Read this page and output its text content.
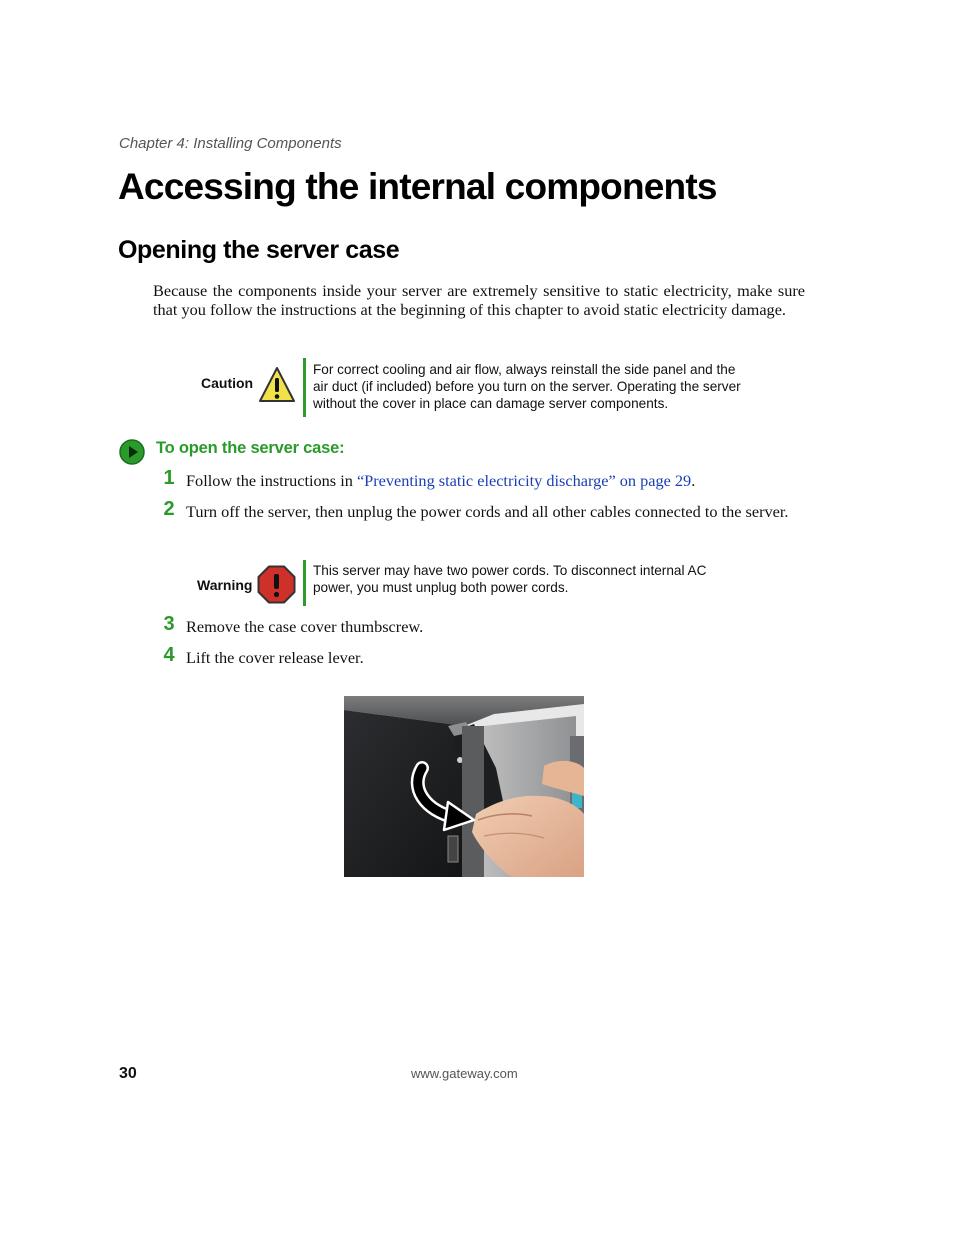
Chapter 4: Installing Components
Accessing the internal components
Opening the server case

Because the components inside your server are extremely sensitive to static electricity, make sure that you follow the instructions at the beginning of this chapter to avoid static electricity damage.

Caution
For correct cooling and air flow, always reinstall the side panel and the air duct (if included) before you turn on the server. Operating the server without the cover in place can damage server components.
To open the server case:
1 Follow the instructions in “Preventing static electricity discharge” on page 29.
2 Turn off the server, then unplug the power cords and all other cables connected to the server.
Warning
This server may have two power cords. To disconnect internal AC power, you must unplug both power cords.
3 Remove the case cover thumbscrew.
4 Lift the cover release lever.
30	www.gateway.com
